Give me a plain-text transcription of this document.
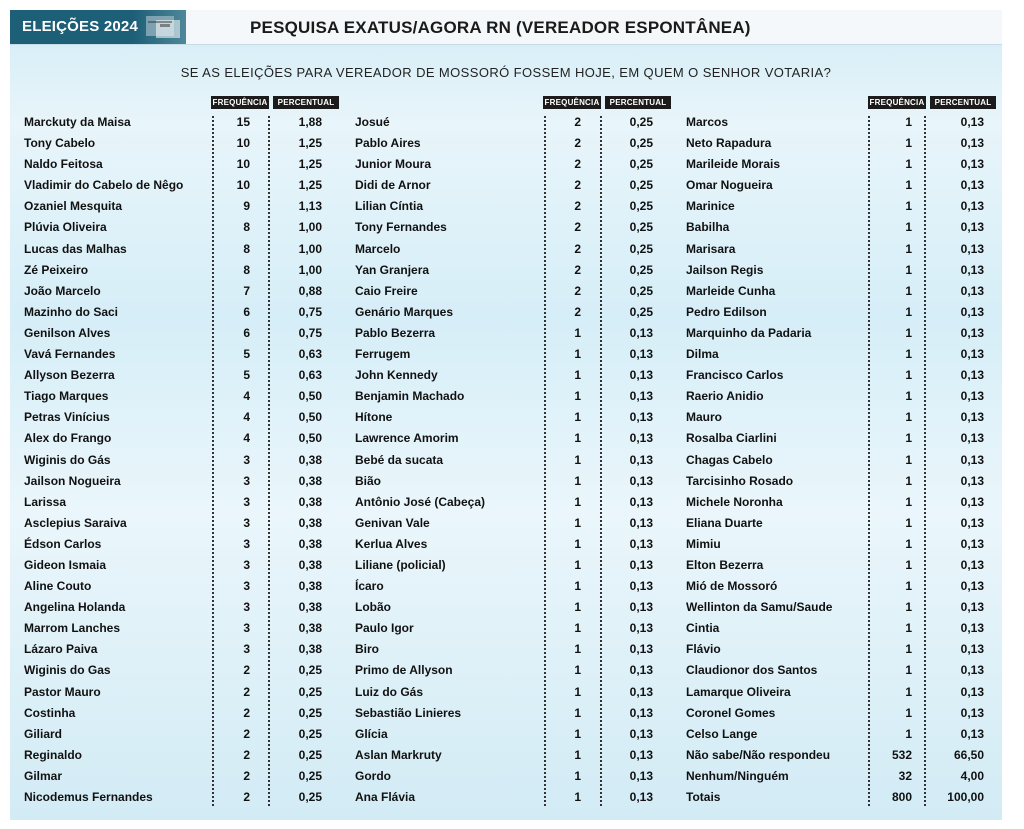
ELEIÇÕES 2024	PESQUISA EXATUS/AGORA RN (VEREADOR ESPONTÂNEA)
SE AS ELEIÇÕES PARA VEREADOR DE MOSSORÓ FOSSEM HOJE, EM QUEM O SENHOR VOTARIA?
FREQUÊNCIA	PERCENTUAL	FREQUÊNCIA	PERCENTUAL	FREQUÊNCIA	PERCENTUAL
Marckuty da Maisa	15	1,88
Tony Cabelo	10	1,25
Naldo Feitosa	10	1,25
Vladimir do Cabelo de Nêgo	10	1,25
Ozaniel Mesquita	9	1,13
Plúvia Oliveira	8	1,00
Lucas das Malhas	8	1,00
Zé Peixeiro	8	1,00
João Marcelo	7	0,88
Mazinho do Saci	6	0,75
Genilson Alves	6	0,75
Vavá Fernandes	5	0,63
Allyson Bezerra	5	0,63
Tiago Marques	4	0,50
Petras Vinícius	4	0,50
Alex do Frango	4	0,50
Wiginis do Gás	3	0,38
Jailson Nogueira	3	0,38
Larissa	3	0,38
Asclepius Saraiva	3	0,38
Édson Carlos	3	0,38
Gideon Ismaia	3	0,38
Aline Couto	3	0,38
Angelina Holanda	3	0,38
Marrom Lanches	3	0,38
Lázaro Paiva	3	0,38
Wiginis do Gas	2	0,25
Pastor Mauro	2	0,25
Costinha	2	0,25
Giliard	2	0,25
Reginaldo	2	0,25
Gilmar	2	0,25
Nicodemus Fernandes	2	0,25
Josué	2	0,25
Pablo Aires	2	0,25
Junior Moura	2	0,25
Didi de Arnor	2	0,25
Lilian Cíntia	2	0,25
Tony Fernandes	2	0,25
Marcelo	2	0,25
Yan Granjera	2	0,25
Caio Freire	2	0,25
Genário Marques	2	0,25
Pablo Bezerra	1	0,13
Ferrugem	1	0,13
John Kennedy	1	0,13
Benjamin Machado	1	0,13
Hítone	1	0,13
Lawrence Amorim	1	0,13
Bebé da sucata	1	0,13
Bião	1	0,13
Antônio José (Cabeça)	1	0,13
Genivan Vale	1	0,13
Kerlua Alves	1	0,13
Liliane (policial)	1	0,13
Ícaro	1	0,13
Lobão	1	0,13
Paulo Igor	1	0,13
Biro	1	0,13
Primo de Allyson	1	0,13
Luiz do Gás	1	0,13
Sebastião Linieres	1	0,13
Glícia	1	0,13
Aslan Markruty	1	0,13
Gordo	1	0,13
Ana Flávia	1	0,13
Marcos	1	0,13
Neto Rapadura	1	0,13
Marileide Morais	1	0,13
Omar Nogueira	1	0,13
Marinice	1	0,13
Babilha	1	0,13
Marisara	1	0,13
Jailson Regis	1	0,13
Marleide Cunha	1	0,13
Pedro Edilson	1	0,13
Marquinho da Padaria	1	0,13
Dilma	1	0,13
Francisco Carlos	1	0,13
Raerio Anidio	1	0,13
Mauro	1	0,13
Rosalba Ciarlini	1	0,13
Chagas Cabelo	1	0,13
Tarcisinho Rosado	1	0,13
Michele Noronha	1	0,13
Eliana Duarte	1	0,13
Mimiu	1	0,13
Elton Bezerra	1	0,13
Mió de Mossoró	1	0,13
Wellinton da Samu/Saude	1	0,13
Cintia	1	0,13
Flávio	1	0,13
Claudionor dos Santos	1	0,13
Lamarque Oliveira	1	0,13
Coronel Gomes	1	0,13
Celso Lange	1	0,13
Não sabe/Não respondeu	532	66,50
Nenhum/Ninguém	32	4,00
Totais	800	100,00
